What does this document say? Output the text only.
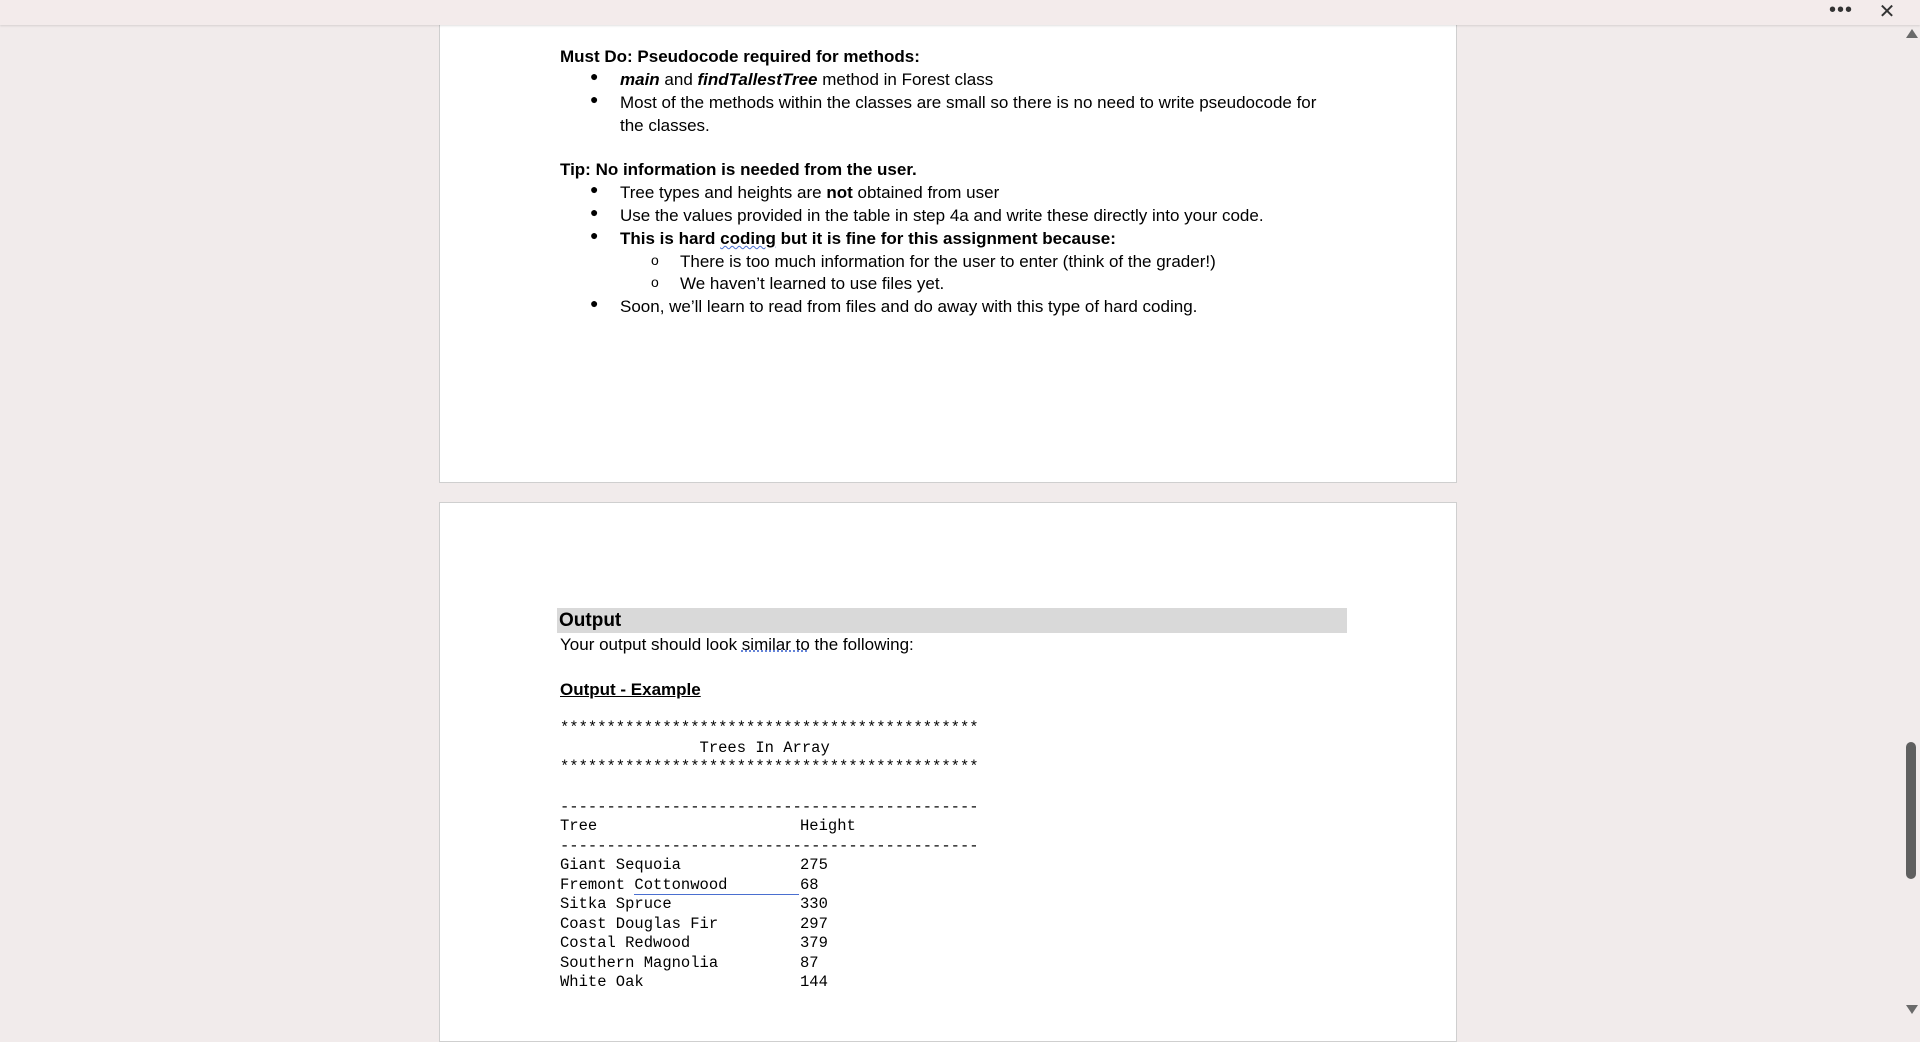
•••	✕

Must Do: Pseudocode required for methods:

● main and findTallestTree method in Forest class
● Most of the methods within the classes are small so there is no need to write pseudocode for
the classes.

Tip: No information is needed from the user.

● Tree types and heights are not obtained from user
● Use the values provided in the table in step 4a and write these directly into your code.
● This is hard coding but it is fine for this assignment because:
o There is too much information for the user to enter (think of the grader!)
o We haven’t learned to use files yet.
● Soon, we’ll learn to read from files and do away with this type of hard coding.
Output
Your output should look similar to the following:
Output - Example
*********************************************
Trees In Array
*********************************************
---------------------------------------------
Tree	Height
---------------------------------------------
Giant Sequoia	275
Fremont Cottonwood	68
Sitka Spruce	330
Coast Douglas Fir	297
Costal Redwood	379
Southern Magnolia	87
White Oak	144
